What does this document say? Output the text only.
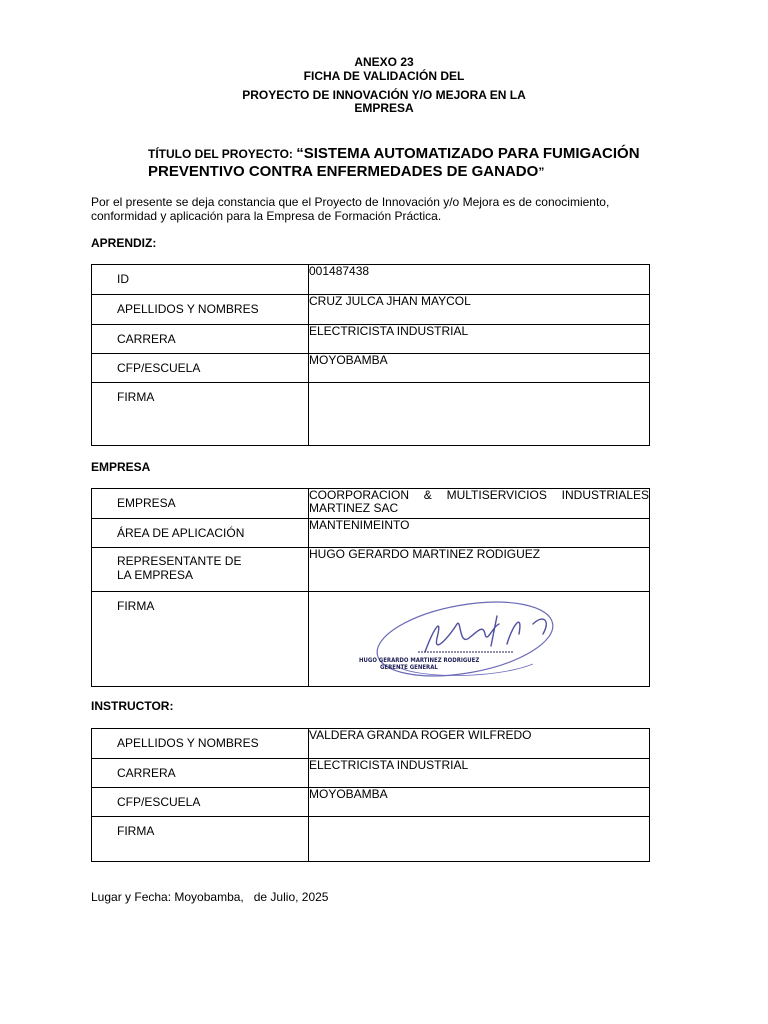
ANEXO 23
FICHA DE VALIDACIÓN DEL
PROYECTO DE INNOVACIÓN Y/O MEJORA EN LA
EMPRESA
TÍTULO DEL PROYECTO: “SISTEMA AUTOMATIZADO PARA FUMIGACIÓN
PREVENTIVO CONTRA ENFERMEDADES DE GANADO”
Por el presente se deja constancia que el Proyecto de Innovación y/o Mejora es de conocimiento, conformidad y aplicación para la Empresa de Formación Práctica.
APRENDIZ:
ID	001487438
APELLIDOS Y NOMBRES	CRUZ JULCA JHAN MAYCOL
CARRERA	ELECTRICISTA INDUSTRIAL
CFP/ESCUELA	MOYOBAMBA
FIRMA	
EMPRESA
EMPRESA	COORPORACION & MULTISERVICIOS INDUSTRIALES
MARTINEZ SAC
ÁREA DE APLICACIÓN	MANTENIMEINTO

REPRESENTANTE DE
LA EMPRESA	HUGO GERARDO MARTINEZ RODIGUEZ
FIRMA	HUGO GERARDO MARTINEZ RODRIGUEZ
GERENTE GENERAL
INSTRUCTOR:
APELLIDOS Y NOMBRES	VALDERA GRANDA ROGER WILFREDO
CARRERA	ELECTRICISTA INDUSTRIAL
CFP/ESCUELA	MOYOBAMBA
FIRMA	
Lugar y Fecha: Moyobamba,   de Julio, 2025
